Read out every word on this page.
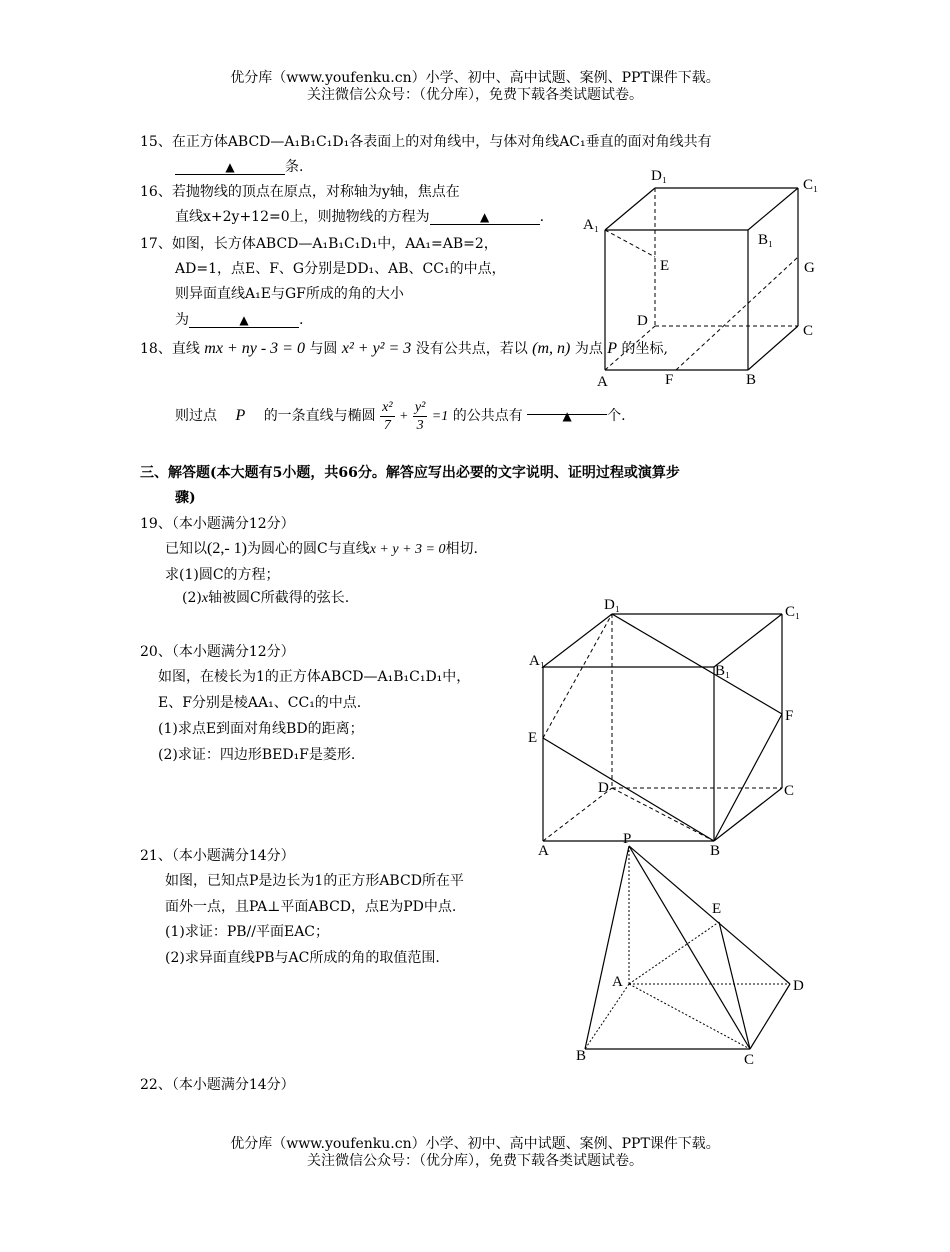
优分库（www.youfenku.cn）小学、初中、高中试题、案例、PPT课件下载。
关注微信公众号：（优分库），免费下载各类试题试卷。
15、在正方体ABCD—A₁B₁C₁D₁各表面上的对角线中，与体对角线AC₁垂直的面对角线共有
▲	条.
16、若抛物线的顶点在原点，对称轴为y轴，焦点在
直线x+2y+12=0上，则抛物线的方程为	▲	.
17、如图，长方体ABCD—A₁B₁C₁D₁中，AA₁=AB=2，
AD=1，点E、F、G分别是DD₁、AB、CC₁的中点，
则异面直线A₁E与GF所成的角的大小
为	▲	.
18、直线 mx + ny - 3 = 0 与圆 x² + y² = 3 没有公共点，若以 (m, n) 为点 P 的坐标,
则过点 P 的一条直线与椭圆 $\frac{\text{x²}}{7} + \frac{\text{y²}}{3} =1$ 的公共点有	▲	个.
三、解答题(本大题有5小题，共66分。解答应写出必要的文字说明、证明过程或演算步
骤)
19、（本小题满分12分）
已知以(2,- 1)为圆心的圆C与直线x + y + 3 = 0相切.
求(1)圆C的方程；
(2)x轴被圆C所截得的弦长.
20、（本小题满分12分）
如图，在棱长为1的正方体ABCD—A₁B₁C₁D₁中，
E、F分别是棱AA₁、CC₁的中点.
(1)求点E到面对角线BD的距离；
(2)求证：四边形BED₁F是菱形.
21、（本小题满分14分）
如图，已知点P是边长为1的正方形ABCD所在平
面外一点，且PA⊥平面ABCD，点E为PD中点.
(1)求证：PB//平面EAC；
(2)求异面直线PB与AC所成的角的取值范围.
22、（本小题满分14分）
D₁
C₁
A₁
B₁
E	G
D
C
A	F	B
D₁	C₁
A₁
B₁
F
E
D	C
A	B
P
E
A	D
B	C
优分库（www.youfenku.cn）小学、初中、高中试题、案例、PPT课件下载。
关注微信公众号：（优分库），免费下载各类试题试卷。
